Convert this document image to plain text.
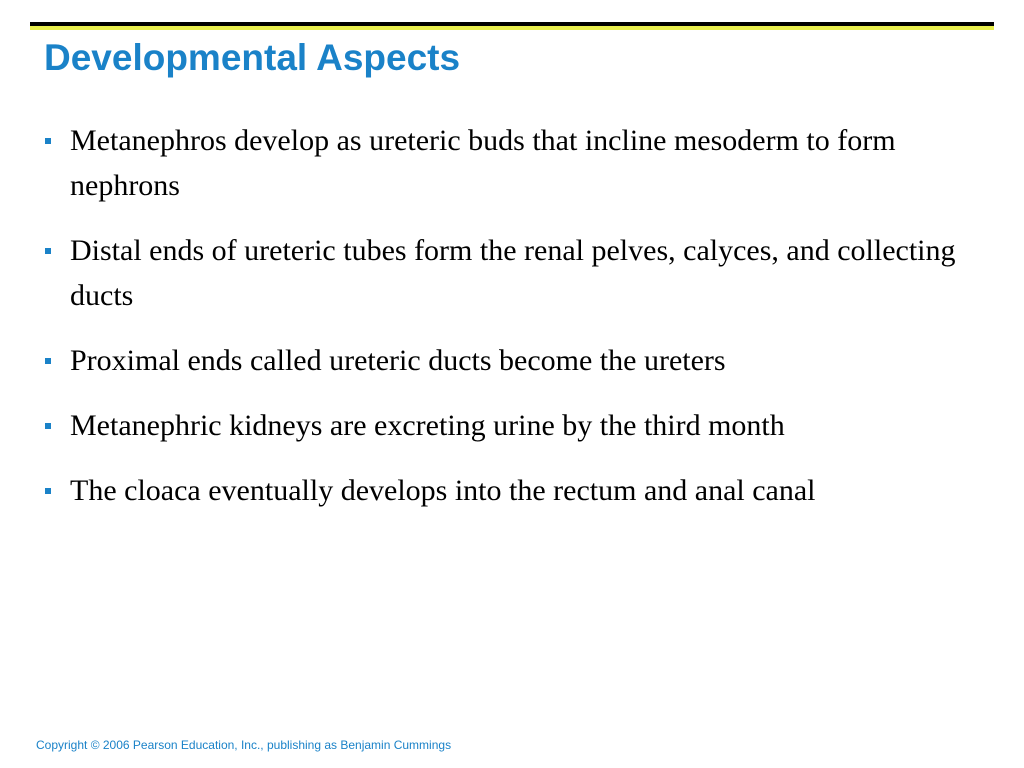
Developmental Aspects
Metanephros develop as ureteric buds that incline mesoderm to form nephrons
Distal ends of ureteric tubes form the renal pelves, calyces, and collecting ducts
Proximal ends called ureteric ducts become the ureters
Metanephric kidneys are excreting urine by the third month
The cloaca eventually develops into the rectum and anal canal

Copyright © 2006 Pearson Education, Inc., publishing as Benjamin Cummings
